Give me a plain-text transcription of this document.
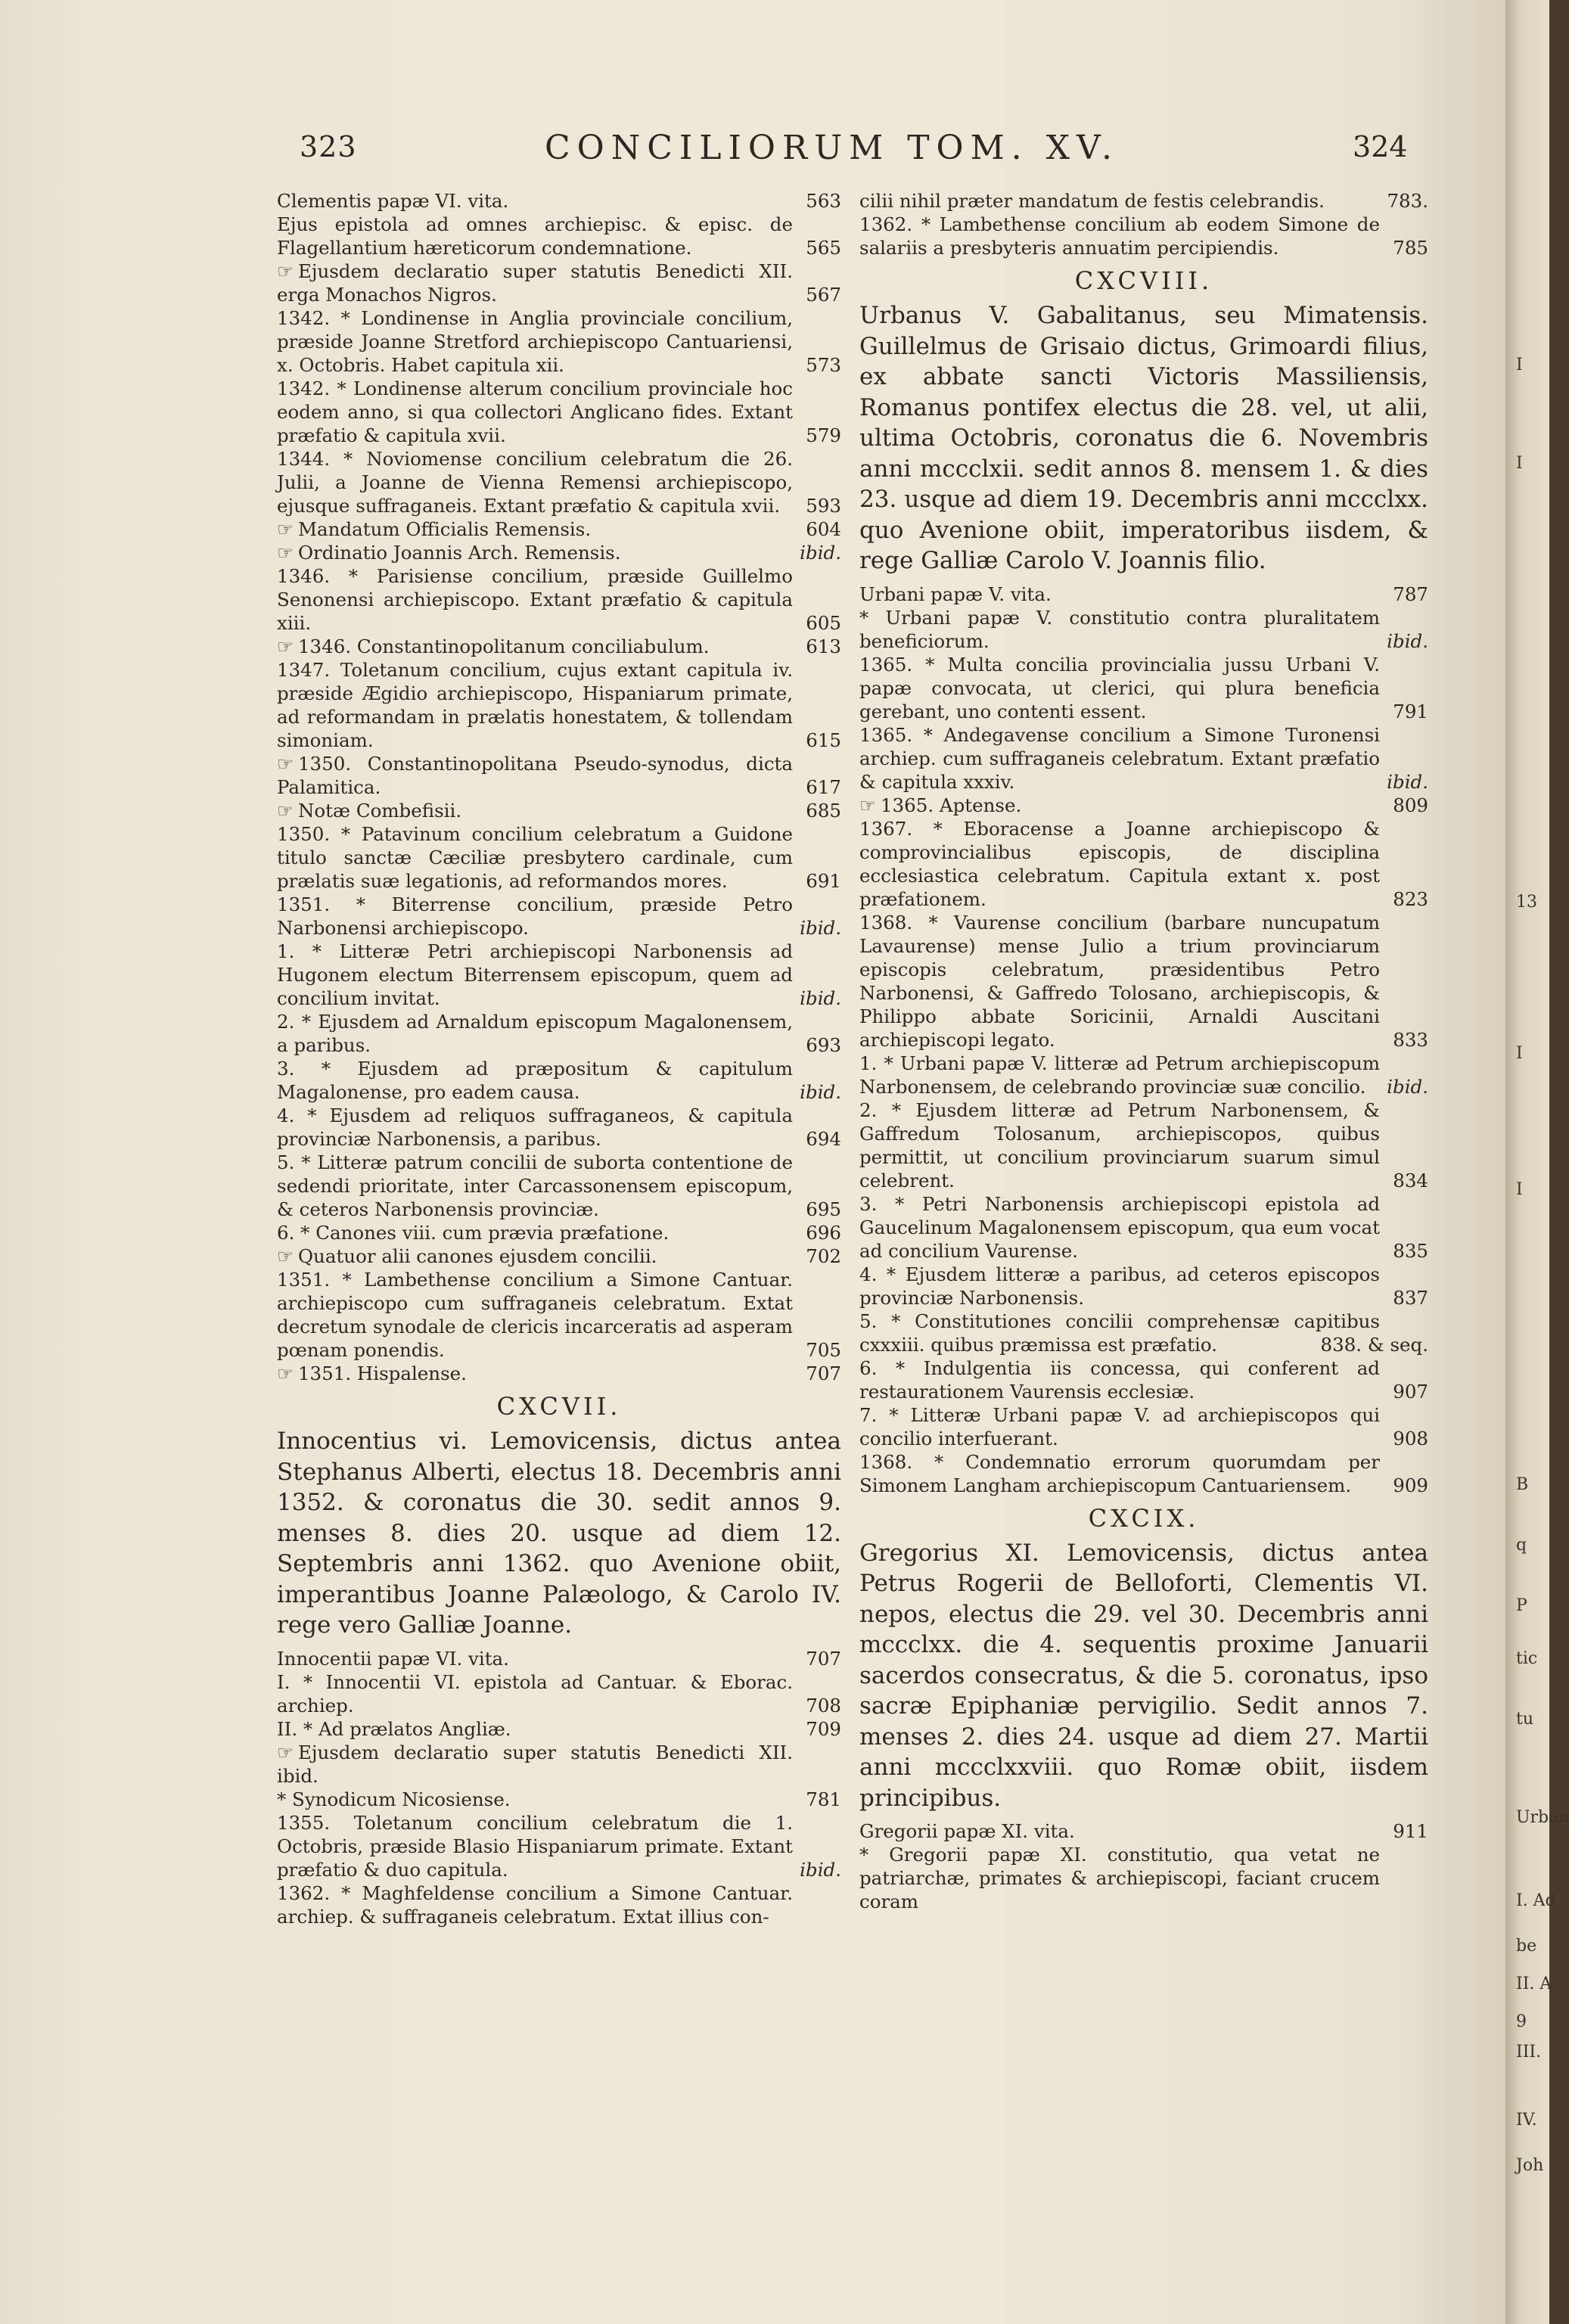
323	CONCILIORUM TOM. XV.	324
Clementis papæ VI. vita.	563
Ejus epistola ad omnes archiepisc. & episc. de Flagellantium hæreticorum condemnatione.	565
☞ Ejusdem declaratio super statutis Benedicti XII. erga Monachos Nigros.	567
1342. * Londinense in Anglia provinciale concilium, præside Joanne Stretford archiepiscopo Cantuariensi, x. Octobris. Habet capitula xii.	573
1342. * Londinense alterum concilium provinciale hoc eodem anno, si qua collectori Anglicano fides. Extant præfatio & capitula xvii.	579
1344. * Noviomense concilium celebratum die 26. Julii, a Joanne de Vienna Remensi archiepiscopo, ejusque suffraganeis. Extant præfatio & capitula xvii. 593
☞ Mandatum Officialis Remensis.	604
☞ Ordinatio Joannis Arch. Remensis.	ibid.
1346. * Parisiense concilium, præside Guillelmo Senonensi archiepiscopo. Extant præfatio & capitula xiii.	605
☞ 1346. Constantinopolitanum conciliabulum.	613
1347. Toletanum concilium, cujus extant capitula iv. præside Ægidio archiepiscopo, Hispaniarum primate, ad reformandam in prælatis honestatem, & tollendam simoniam.	615
☞ 1350. Constantinopolitana Pseudo-synodus, dicta Palamitica.	617
☞ Notæ Combefisii.	685
1350. * Patavinum concilium celebratum a Guidone titulo sanctæ Cæciliæ presbytero cardinale, cum prælatis suæ legationis, ad reformandos mores.	691
1351. * Biterrense concilium, præside Petro Narbonensi archiepiscopo.	ibid.
1. * Litteræ Petri archiepiscopi Narbonensis ad Hugonem electum Biterrensem episcopum, quem ad concilium invitat.	ibid.
2. * Ejusdem ad Arnaldum episcopum Magalonensem, a paribus.	693
3. * Ejusdem ad præpositum & capitulum Magalonense, pro eadem causa.	ibid.
4. * Ejusdem ad reliquos suffraganeos, & capitula provinciæ Narbonensis, a paribus.	694
5. * Litteræ patrum concilii de suborta contentione de sedendi prioritate, inter Carcassonensem episcopum, & ceteros Narbonensis provinciæ.	695
6. * Canones viii. cum prævia præfatione.	696
☞ Quatuor alii canones ejusdem concilii.	702
1351. * Lambethense concilium a Simone Cantuar. archiepiscopo cum suffraganeis celebratum. Extat decretum synodale de clericis incarceratis ad asperam pœnam ponendis.	705
☞ 1351. Hispalense.	707
CXCVII.
Innocentius vi. Lemovicensis, dictus antea Stephanus Alberti, electus 18. Decembris anni 1352. & coronatus die 30. sedit annos 9. menses 8. dies 20. usque ad diem 12. Septembris anni 1362. quo Avenione obiit, imperantibus Joanne Palæologo, & Carolo IV. rege vero Galliæ Joanne.
Innocentii papæ VI. vita.	707
I. * Innocentii VI. epistola ad Cantuar. & Eborac. archiep.	708
II. * Ad prælatos Angliæ.	709
☞ Ejusdem declaratio super statutis Benedicti XII. ibid.
* Synodicum Nicosiense.	781
1355. Toletanum concilium celebratum die 1. Octobris, præside Blasio Hispaniarum primate. Extant præfatio & duo capitula.	ibid.
1362. * Maghfeldense concilium a Simone Cantuar. archiep. & suffraganeis celebratum. Extat illius con-
cilii nihil præter mandatum de festis celebrandis.	783.
1362. * Lambethense concilium ab eodem Simone de salariis a presbyteris annuatim percipiendis.	785
CXCVIII.
Urbanus V. Gabalitanus, seu Mimatensis. Guillelmus de Grisaio dictus, Grimoardi filius, ex abbate sancti Victoris Massiliensis, Romanus pontifex electus die 28. vel, ut alii, ultima Octobris, coronatus die 6. Novembris anni mccclxii. sedit annos 8. mensem 1. & dies 23. usque ad diem 19. Decembris anni mccclxx. quo Avenione obiit, imperatoribus iisdem, & rege Galliæ Carolo V. Joannis filio.
Urbani papæ V. vita.	787
* Urbani papæ V. constitutio contra pluralitatem beneficiorum.	ibid.
1365. * Multa concilia provincialia jussu Urbani V. papæ convocata, ut clerici, qui plura beneficia gerebant, uno contenti essent.	791
1365. * Andegavense concilium a Simone Turonensi archiep. cum suffraganeis celebratum. Extant præfatio & capitula xxxiv.	ibid.
☞ 1365. Aptense.	809
1367. * Eboracense a Joanne archiepiscopo & comprovincialibus episcopis, de disciplina ecclesiastica celebratum. Capitula extant x. post præfationem.	823
1368. * Vaurense concilium (barbare nuncupatum Lavaurense) mense Julio a trium provinciarum episcopis celebratum, præsidentibus Petro Narbonensi, & Gaffredo Tolosano, archiepiscopis, & Philippo abbate Soricinii, Arnaldi Auscitani archiepiscopi legato.	833
1. * Urbani papæ V. litteræ ad Petrum archiepiscopum Narbonensem, de celebrando provinciæ suæ concilio. ibid.
2. * Ejusdem litteræ ad Petrum Narbonensem, & Gaffredum Tolosanum, archiepiscopos, quibus permittit, ut concilium provinciarum suarum simul celebrent.	834
3. * Petri Narbonensis archiepiscopi epistola ad Gaucelinum Magalonensem episcopum, qua eum vocat ad concilium Vaurense.	835
4. * Ejusdem litteræ a paribus, ad ceteros episcopos provinciæ Narbonensis.	837
5. * Constitutiones concilii comprehensæ capitibus cxxxiii. quibus præmissa est præfatio.	838. & seq.
6. * Indulgentia iis concessa, qui conferent ad restaurationem Vaurensis ecclesiæ.	907
7. * Litteræ Urbani papæ V. ad archiepiscopos qui concilio interfuerant.	908
1368. * Condemnatio errorum quorumdam per Simonem Langham archiepiscopum Cantuariensem. 909
CXCIX.
Gregorius XI. Lemovicensis, dictus antea Petrus Rogerii de Belloforti, Clementis VI. nepos, electus die 29. vel 30. Decembris anni mccclxx. die 4. sequentis proxime Januarii sacerdos consecratus, & die 5. coronatus, ipso sacræ Epiphaniæ pervigilio. Sedit annos 7. menses 2. dies 24. usque ad diem 27. Martii anni mccclxxviii. quo Romæ obiit, iisdem principibus.
Gregorii papæ XI. vita.	911
* Gregorii papæ XI. constitutio, qua vetat ne patriarchæ, primates & archiepiscopi, faciant crucem coram
I
I
13
I
I
B
q
P
tic
tu
Urban
I. Ad
be
II. A
9
III.
IV.
Joh
